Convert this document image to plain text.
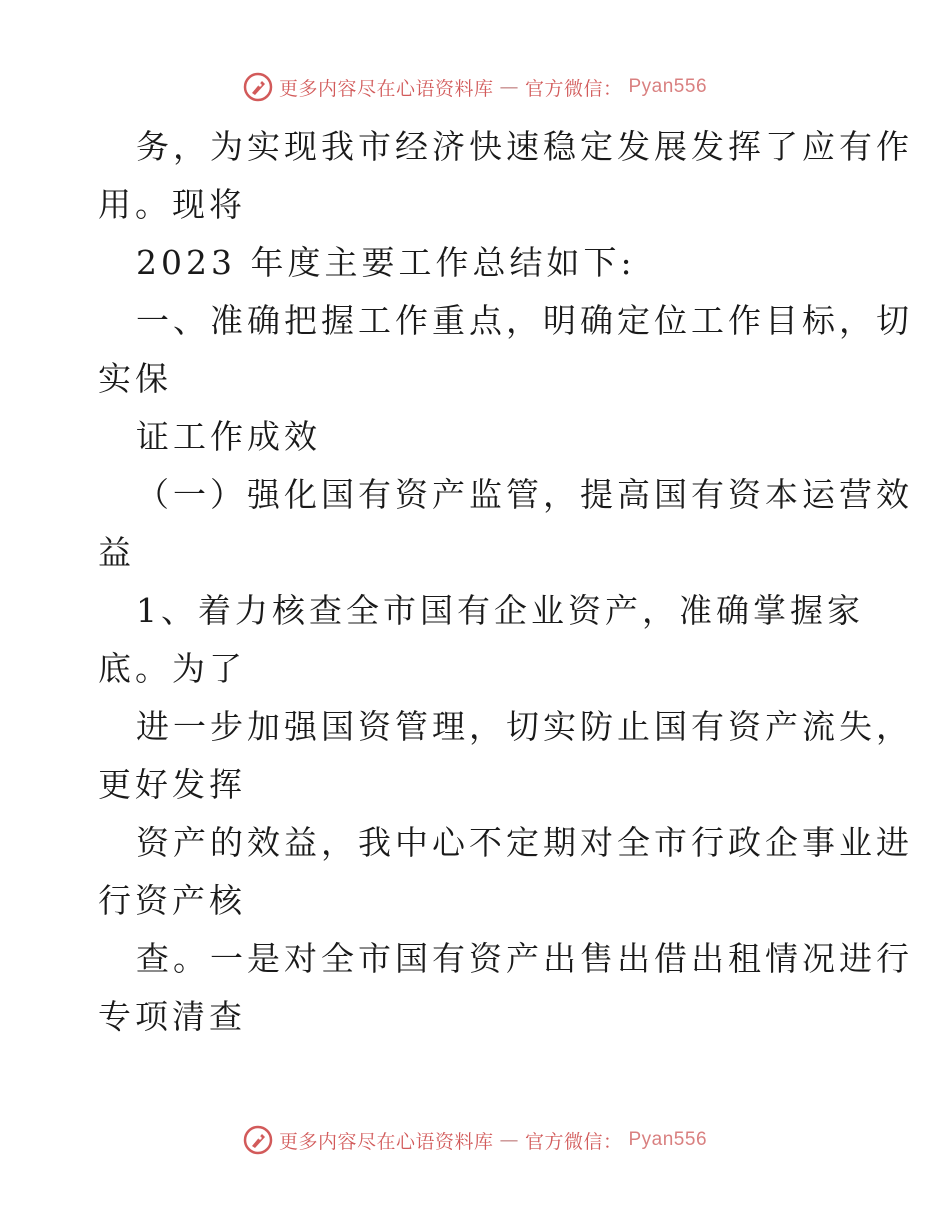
更多内容尽在心语资料库 — 官方微信： Pyan556
务，为实现我市经济快速稳定发展发挥了应有作
用。现将
2023 年度主要工作总结如下:
一、准确把握工作重点，明确定位工作目标，切
实保
证工作成效
（一）强化国有资产监管，提高国有资本运营效
益
1、着力核查全市国有企业资产，准确掌握家
底。为了
进一步加强国资管理，切实防止国有资产流失，
更好发挥
资产的效益，我中心不定期对全市行政企事业进
行资产核
查。一是对全市国有资产出售出借出租情况进行
专项清查
更多内容尽在心语资料库 — 官方微信： Pyan556
